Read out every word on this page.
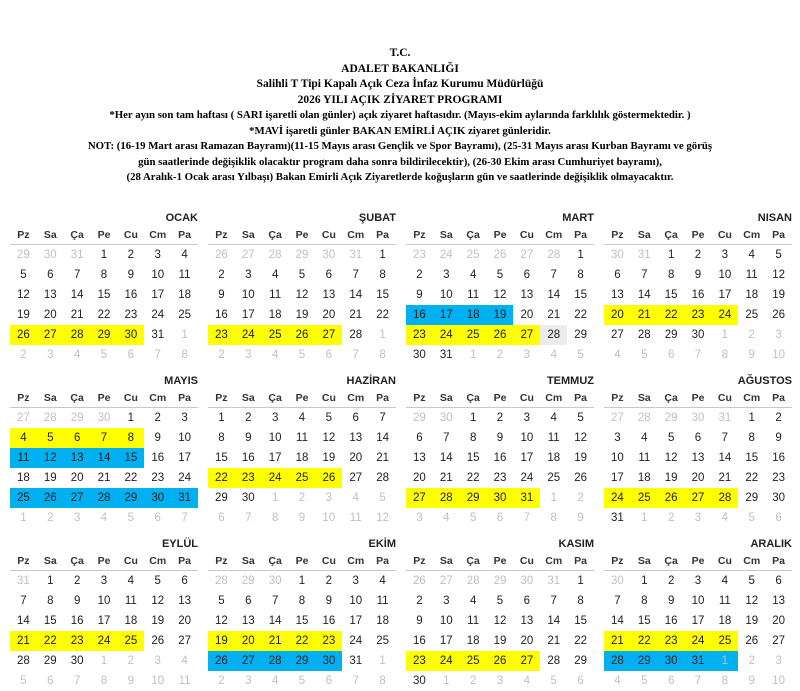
T.C.
ADALET BAKANLIĞI
Salihli T Tipi Kapalı Açık Ceza İnfaz Kurumu Müdürlüğü
2026 YILI AÇIK ZİYARET PROGRAMI
*Her ayın son tam haftası ( SARI işaretli olan günler) açık ziyaret haftasıdır. (Mayıs-ekim aylarında farklılık göstermektedir. )
*MAVİ işaretli günler BAKAN EMİRLİ AÇIK ziyaret günleridir.
NOT: (16-19 Mart arası Ramazan Bayramı)(11-15 Mayıs arası Gençlik ve Spor Bayramı), (25-31 Mayıs arası Kurban Bayramı ve görüş
gün saatlerinde değişiklik olacaktır program daha sonra bildirilecektir), (26-30 Ekim arası Cumhuriyet bayramı),
(28 Aralık-1 Ocak arası Yılbaşı) Bakan Emirli Açık Ziyaretlerde koğuşların gün ve saatlerinde değişiklik olmayacaktır.
OCAK
Pz	Sa	Ça	Pe	Cu	Cm	Pa
29	30	31	1	2	3	4
5	6	7	8	9	10	11
12	13	14	15	16	17	18
19	20	21	22	23	24	25
26	27	28	29	30	31	1
2	3	4	5	6	7	8
ŞUBAT
Pz	Sa	Ça	Pe	Cu	Cm	Pa
26	27	28	29	30	31	1
2	3	4	5	6	7	8
9	10	11	12	13	14	15
16	17	18	19	20	21	22
23	24	25	26	27	28	1
2	3	4	5	6	7	8
MART
Pz	Sa	Ça	Pe	Cu	Cm	Pa
23	24	25	26	27	28	1
2	3	4	5	6	7	8
9	10	11	12	13	14	15
16	17	18	19	20	21	22
23	24	25	26	27	28	29
30	31	1	2	3	4	5
NISAN
Pz	Sa	Ça	Pe	Cu	Cm	Pa
30	31	1	2	3	4	5
6	7	8	9	10	11	12
13	14	15	16	17	18	19
20	21	22	23	24	25	26
27	28	29	30	1	2	3
4	5	6	7	8	9	10
MAYIS
Pz	Sa	Ça	Pe	Cu	Cm	Pa
27	28	29	30	1	2	3
4	5	6	7	8	9	10
11	12	13	14	15	16	17
18	19	20	21	22	23	24
25	26	27	28	29	30	31
1	2	3	4	5	6	7
HAZİRAN
Pz	Sa	Ça	Pe	Cu	Cm	Pa
1	2	3	4	5	6	7
8	9	10	11	12	13	14
15	16	17	18	19	20	21
22	23	24	25	26	27	28
29	30	1	2	3	4	5
6	7	8	9	10	11	12
TEMMUZ
Pz	Sa	Ça	Pe	Cu	Cm	Pa
29	30	1	2	3	4	5
6	7	8	9	10	11	12
13	14	15	16	17	18	19
20	21	22	23	24	25	26
27	28	29	30	31	1	2
3	4	5	6	7	8	9
AĞUSTOS
Pz	Sa	Ça	Pe	Cu	Cm	Pa
27	28	29	30	31	1	2
3	4	5	6	7	8	9
10	11	12	13	14	15	16
17	18	19	20	21	22	23
24	25	26	27	28	29	30
31	1	2	3	4	5	6
EYLÜL
Pz	Sa	Ça	Pe	Cu	Cm	Pa
31	1	2	3	4	5	6
7	8	9	10	11	12	13
14	15	16	17	18	19	20
21	22	23	24	25	26	27
28	29	30	1	2	3	4
5	6	7	8	9	10	11
EKİM
Pz	Sa	Ça	Pe	Cu	Cm	Pa
28	29	30	1	2	3	4
5	6	7	8	9	10	11
12	13	14	15	16	17	18
19	20	21	22	23	24	25
26	27	28	29	30	31	1
2	3	4	5	6	7	8
KASIM
Pz	Sa	Ça	Pe	Cu	Cm	Pa
26	27	28	29	30	31	1
2	3	4	5	6	7	8
9	10	11	12	13	14	15
16	17	18	19	20	21	22
23	24	25	26	27	28	29
30	1	2	3	4	5	6
ARALIK
Pz	Sa	Ça	Pe	Cu	Cm	Pa
30	1	2	3	4	5	6
7	8	9	10	11	12	13
14	15	16	17	18	19	20
21	22	23	24	25	26	27
28	29	30	31	1	2	3
4	5	6	7	8	9	10
